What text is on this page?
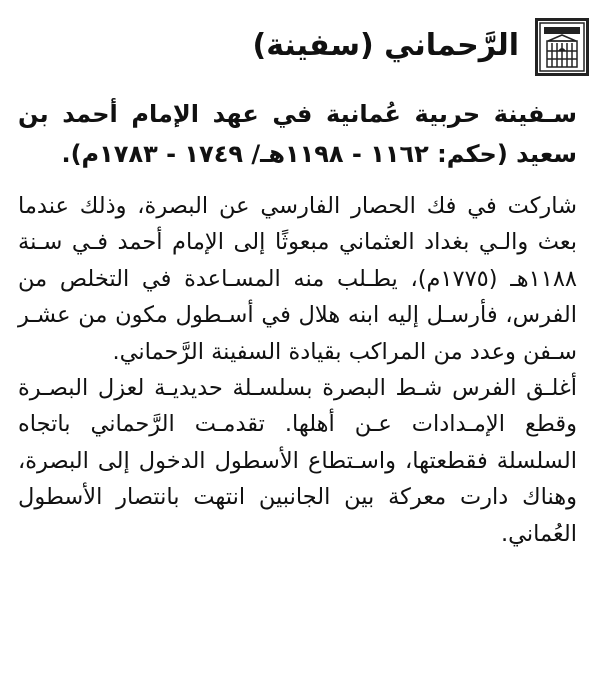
الرَّحماني (سفينة)
سـفينة حربية عُمانية في عهد الإمام أحمد بن سعيد (حكم: ١١٦٢ - ١١٩٨هـ/ ١٧٤٩ - ١٧٨٣م).

شاركت في فك الحصار الفارسي عن البصرة، وذلك عندما بعث والـي بغداد العثماني مبعوثًا إلى الإمام أحمد فـي سـنة ١١٨٨هـ (١٧٧٥م)، يطـلب منه المسـاعدة في التخلص من الفرس، فأرسـل إليه ابنه هلال في أسـطول مكون من عشـر سـفن وعدد من المراكب بقيادة السفينة الرَّحماني.

أغلـق الفرس شـط البصرة بسلسـلة حديديـة لعزل البصـرة وقطع الإمـدادات عـن أهلها. تقدمـت الرَّحماني باتجاه السلسلة فقطعتها، واسـتطاع الأسطول الدخول إلى البصرة، وهناك دارت معركة بين الجانبين انتهت بانتصار الأسطول العُماني.
